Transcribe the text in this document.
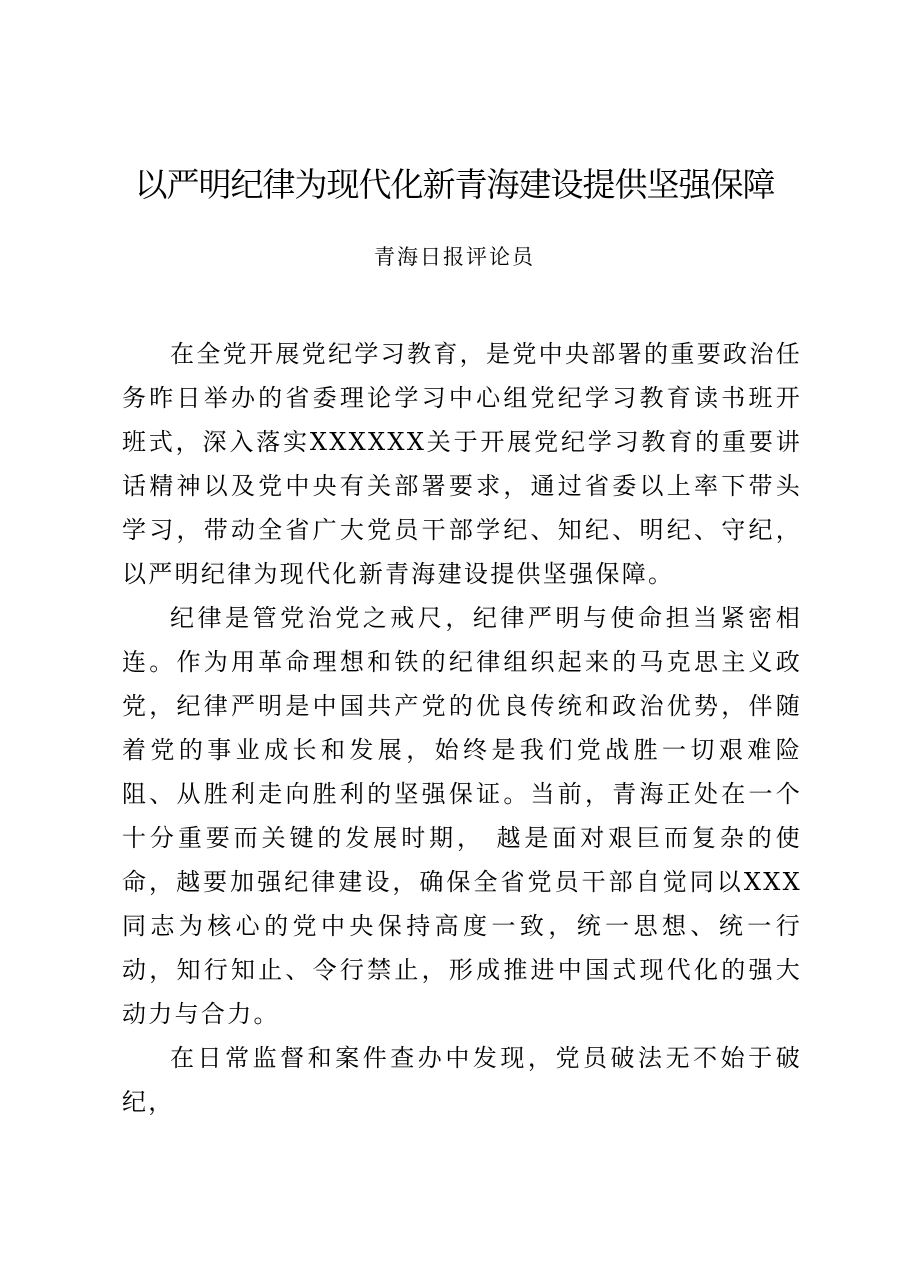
以严明纪律为现代化新青海建设提供坚强保障
青海日报评论员

在全党开展党纪学习教育，是党中央部署的重要政治任务昨日举办的省委理论学习中心组党纪学习教育读书班开班式，深入落实XXXXXX关于开展党纪学习教育的重要讲话精神以及党中央有关部署要求，通过省委以上率下带头学习，带动全省广大党员干部学纪、知纪、明纪、守纪，以严明纪律为现代化新青海建设提供坚强保障。

纪律是管党治党之戒尺，纪律严明与使命担当紧密相连。作为用革命理想和铁的纪律组织起来的马克思主义政党，纪律严明是中国共产党的优良传统和政治优势，伴随着党的事业成长和发展，始终是我们党战胜一切艰难险阻、从胜利走向胜利的坚强保证。当前，青海正处在一个十分重要而关键的发展时期， 越是面对艰巨而复杂的使命，越要加强纪律建设，确保全省党员干部自觉同以XXX同志为核心的党中央保持高度一致，统一思想、统一行动，知行知止、令行禁止，形成推进中国式现代化的强大动力与合力。

在日常监督和案件查办中发现，党员破法无不始于破纪，
